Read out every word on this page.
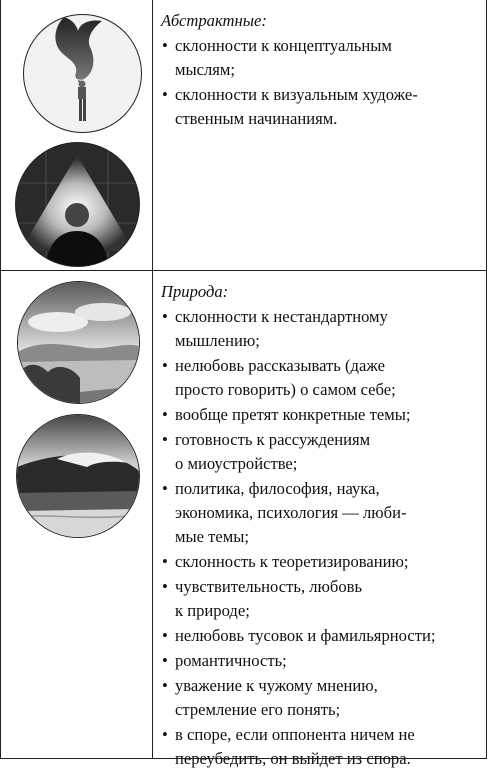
Абстрактные:
• склонности к концептуальным
мыслям;
• склонности к визуальным художе-
ственным начинаниям.
Природа:
• склонности к нестандартному
мышлению;
• нелюбовь рассказывать (даже
просто говорить) о самом себе;
• вообще претят конкретные темы;
• готовность к рассуждениям
о миоустройстве;
• политика, философия, наука,
экономика, психология — люби-
мые темы;
• склонность к теоретизированию;
• чувствительность, любовь
к природе;
• нелюбовь тусовок и фамильярности;
• романтичность;
• уважение к чужому мнению,
стремление его понять;
• в споре, если оппонента ничем не
переубедить, он выйдет из спора.
